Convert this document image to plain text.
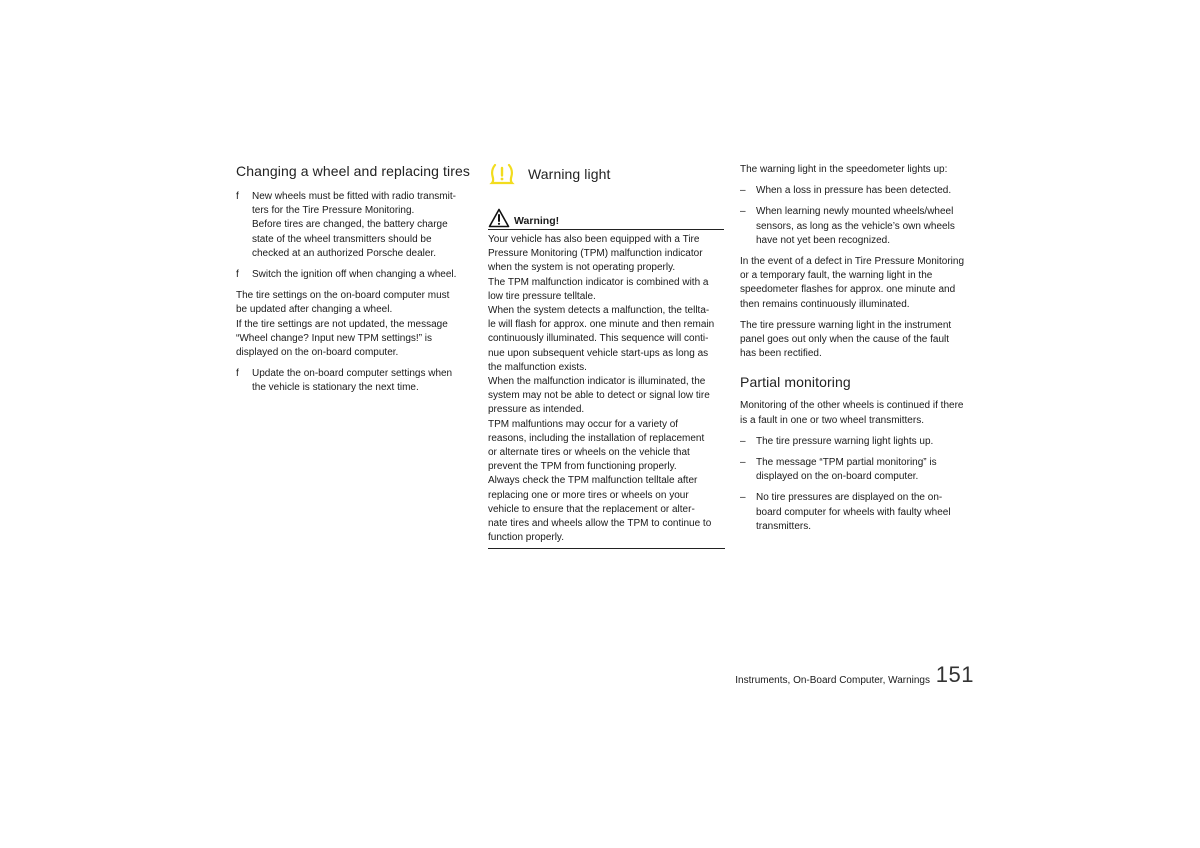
Changing a wheel and replacing tires
f New wheels must be fitted with radio transmit-

ters for the Tire Pressure Monitoring.

Before tires are changed, the battery charge

state of the wheel transmitters should be

checked at an authorized Porsche dealer.

f Switch the ignition off when changing a wheel.

The tire settings on the on-board computer must

be updated after changing a wheel.

If the tire settings are not updated, the message

“Wheel change? Input new TPM settings!” is

displayed on the on-board computer.

f Update the on-board computer settings when

the vehicle is stationary the next time.

Warning light
Warning!

Your vehicle has also been equipped with a Tire

Pressure Monitoring (TPM) malfunction indicator

when the system is not operating properly.

The TPM malfunction indicator is combined with a

low tire pressure telltale.

When the system detects a malfunction, the tellta-

le will flash for approx. one minute and then remain

continuously illuminated. This sequence will conti-

nue upon subsequent vehicle start-ups as long as

the malfunction exists.

When the malfunction indicator is illuminated, the

system may not be able to detect or signal low tire

pressure as intended.

TPM malfuntions may occur for a variety of

reasons, including the installation of replacement

or alternate tires or wheels on the vehicle that

prevent the TPM from functioning properly.

Always check the TPM malfunction telltale after

replacing one or more tires or wheels on your

vehicle to ensure that the replacement or alter-

nate tires and wheels allow the TPM to continue to

function properly.

The warning light in the speedometer lights up:

– When a loss in pressure has been detected.

– When learning newly mounted wheels/wheel

sensors, as long as the vehicle’s own wheels

have not yet been recognized.

In the event of a defect in Tire Pressure Monitoring

or a temporary fault, the warning light in the

speedometer flashes for approx. one minute and

then remains continuously illuminated.

The tire pressure warning light in the instrument

panel goes out only when the cause of the fault

has been rectified.

Partial monitoring

Monitoring of the other wheels is continued if there

is a fault in one or two wheel transmitters.

– The tire pressure warning light lights up.

– The message “TPM partial monitoring” is

displayed on the on-board computer.

– No tire pressures are displayed on the on-

board computer for wheels with faulty wheel

transmitters.

Instruments, On-Board Computer, Warnings 151
